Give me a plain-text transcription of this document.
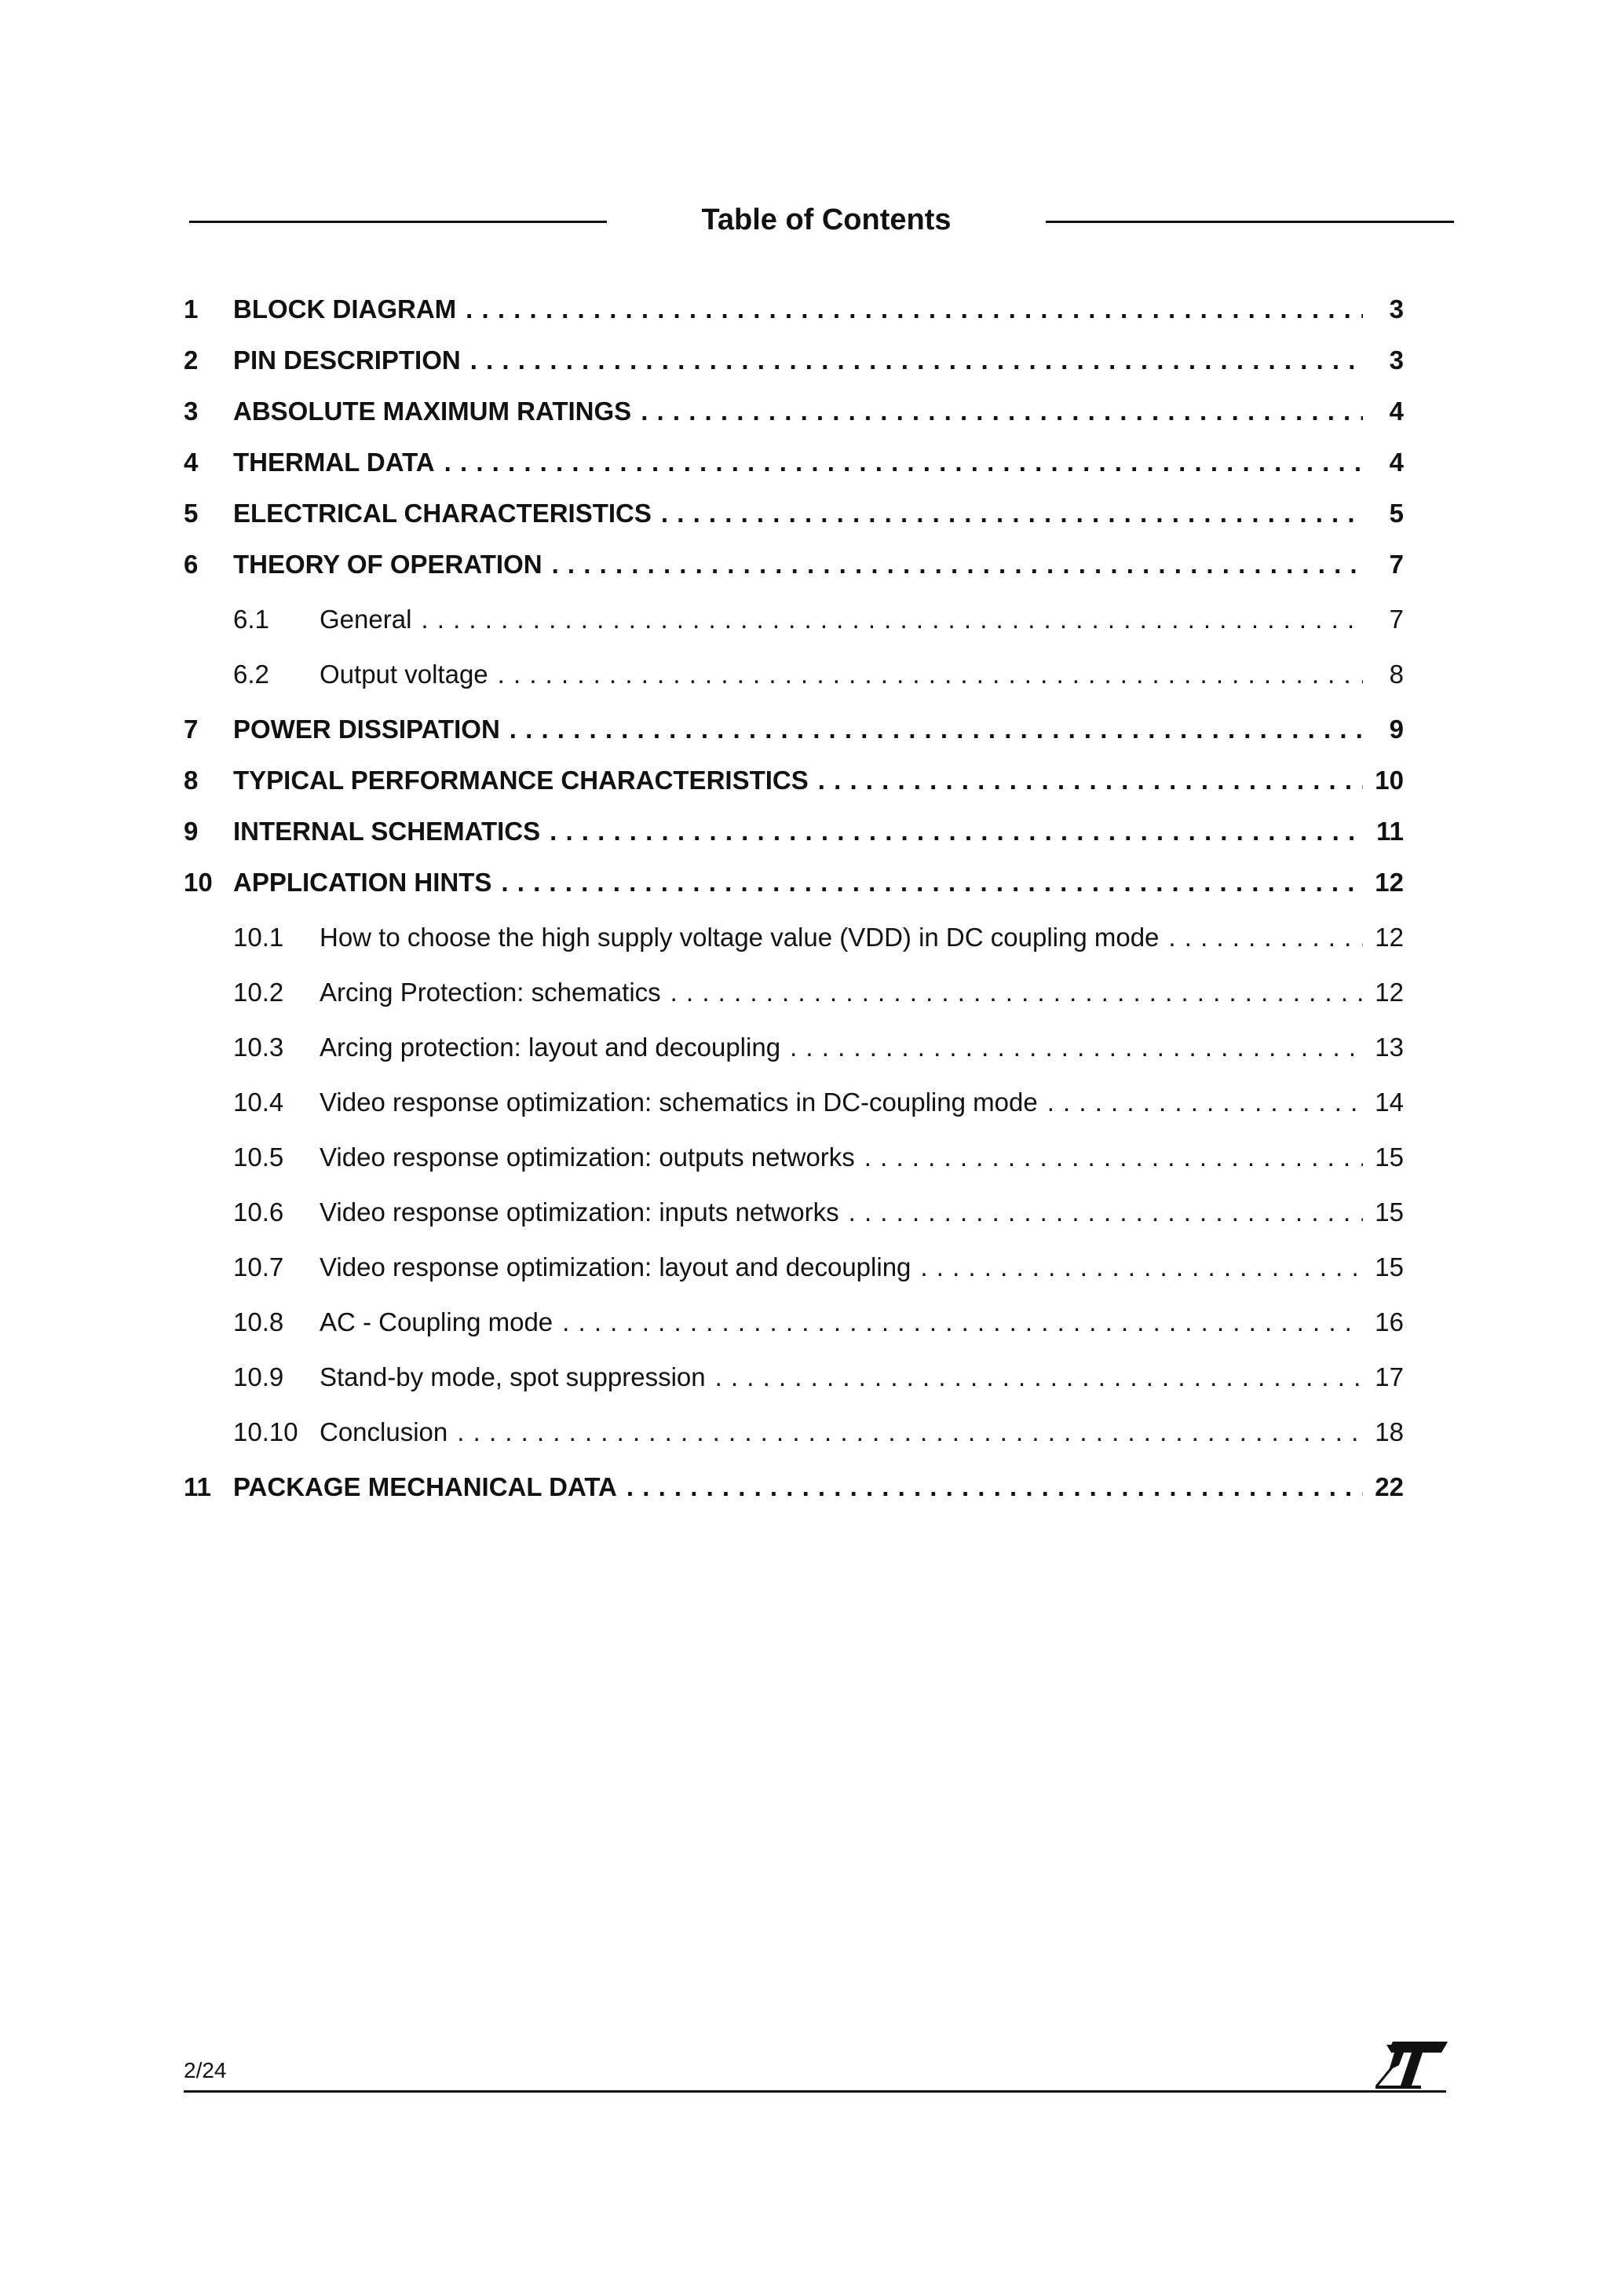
Table of Contents
1	BLOCK DIAGRAM . . .	3
2	PIN DESCRIPTION . . .	3
3	ABSOLUTE MAXIMUM RATINGS . . .	4
4	THERMAL DATA . . .	4
5	ELECTRICAL CHARACTERISTICS . . .	5
6	THEORY OF OPERATION . . .	7
6.1	General . . .	7
6.2	Output voltage . . .	8
7	POWER DISSIPATION . . .	9
8	TYPICAL PERFORMANCE CHARACTERISTICS . . .	10
9	INTERNAL SCHEMATICS . . .	11
10 APPLICATION HINTS . . .	12
10.1	How to choose the high supply voltage value (VDD) in DC coupling mode . . .	12
10.2	Arcing Protection: schematics . . .	12
10.3	Arcing protection: layout and decoupling . . .	13
10.4	Video response optimization: schematics in DC-coupling mode . . .	14
10.5	Video response optimization: outputs networks . . .	15
10.6	Video response optimization: inputs networks . . .	15
10.7	Video response optimization: layout and decoupling . . .	15
10.8	AC - Coupling mode . . .	16
10.9	Stand-by mode, spot suppression . . .	17
10.10 Conclusion . . .	18
11 PACKAGE MECHANICAL DATA . . .	22
2/24
